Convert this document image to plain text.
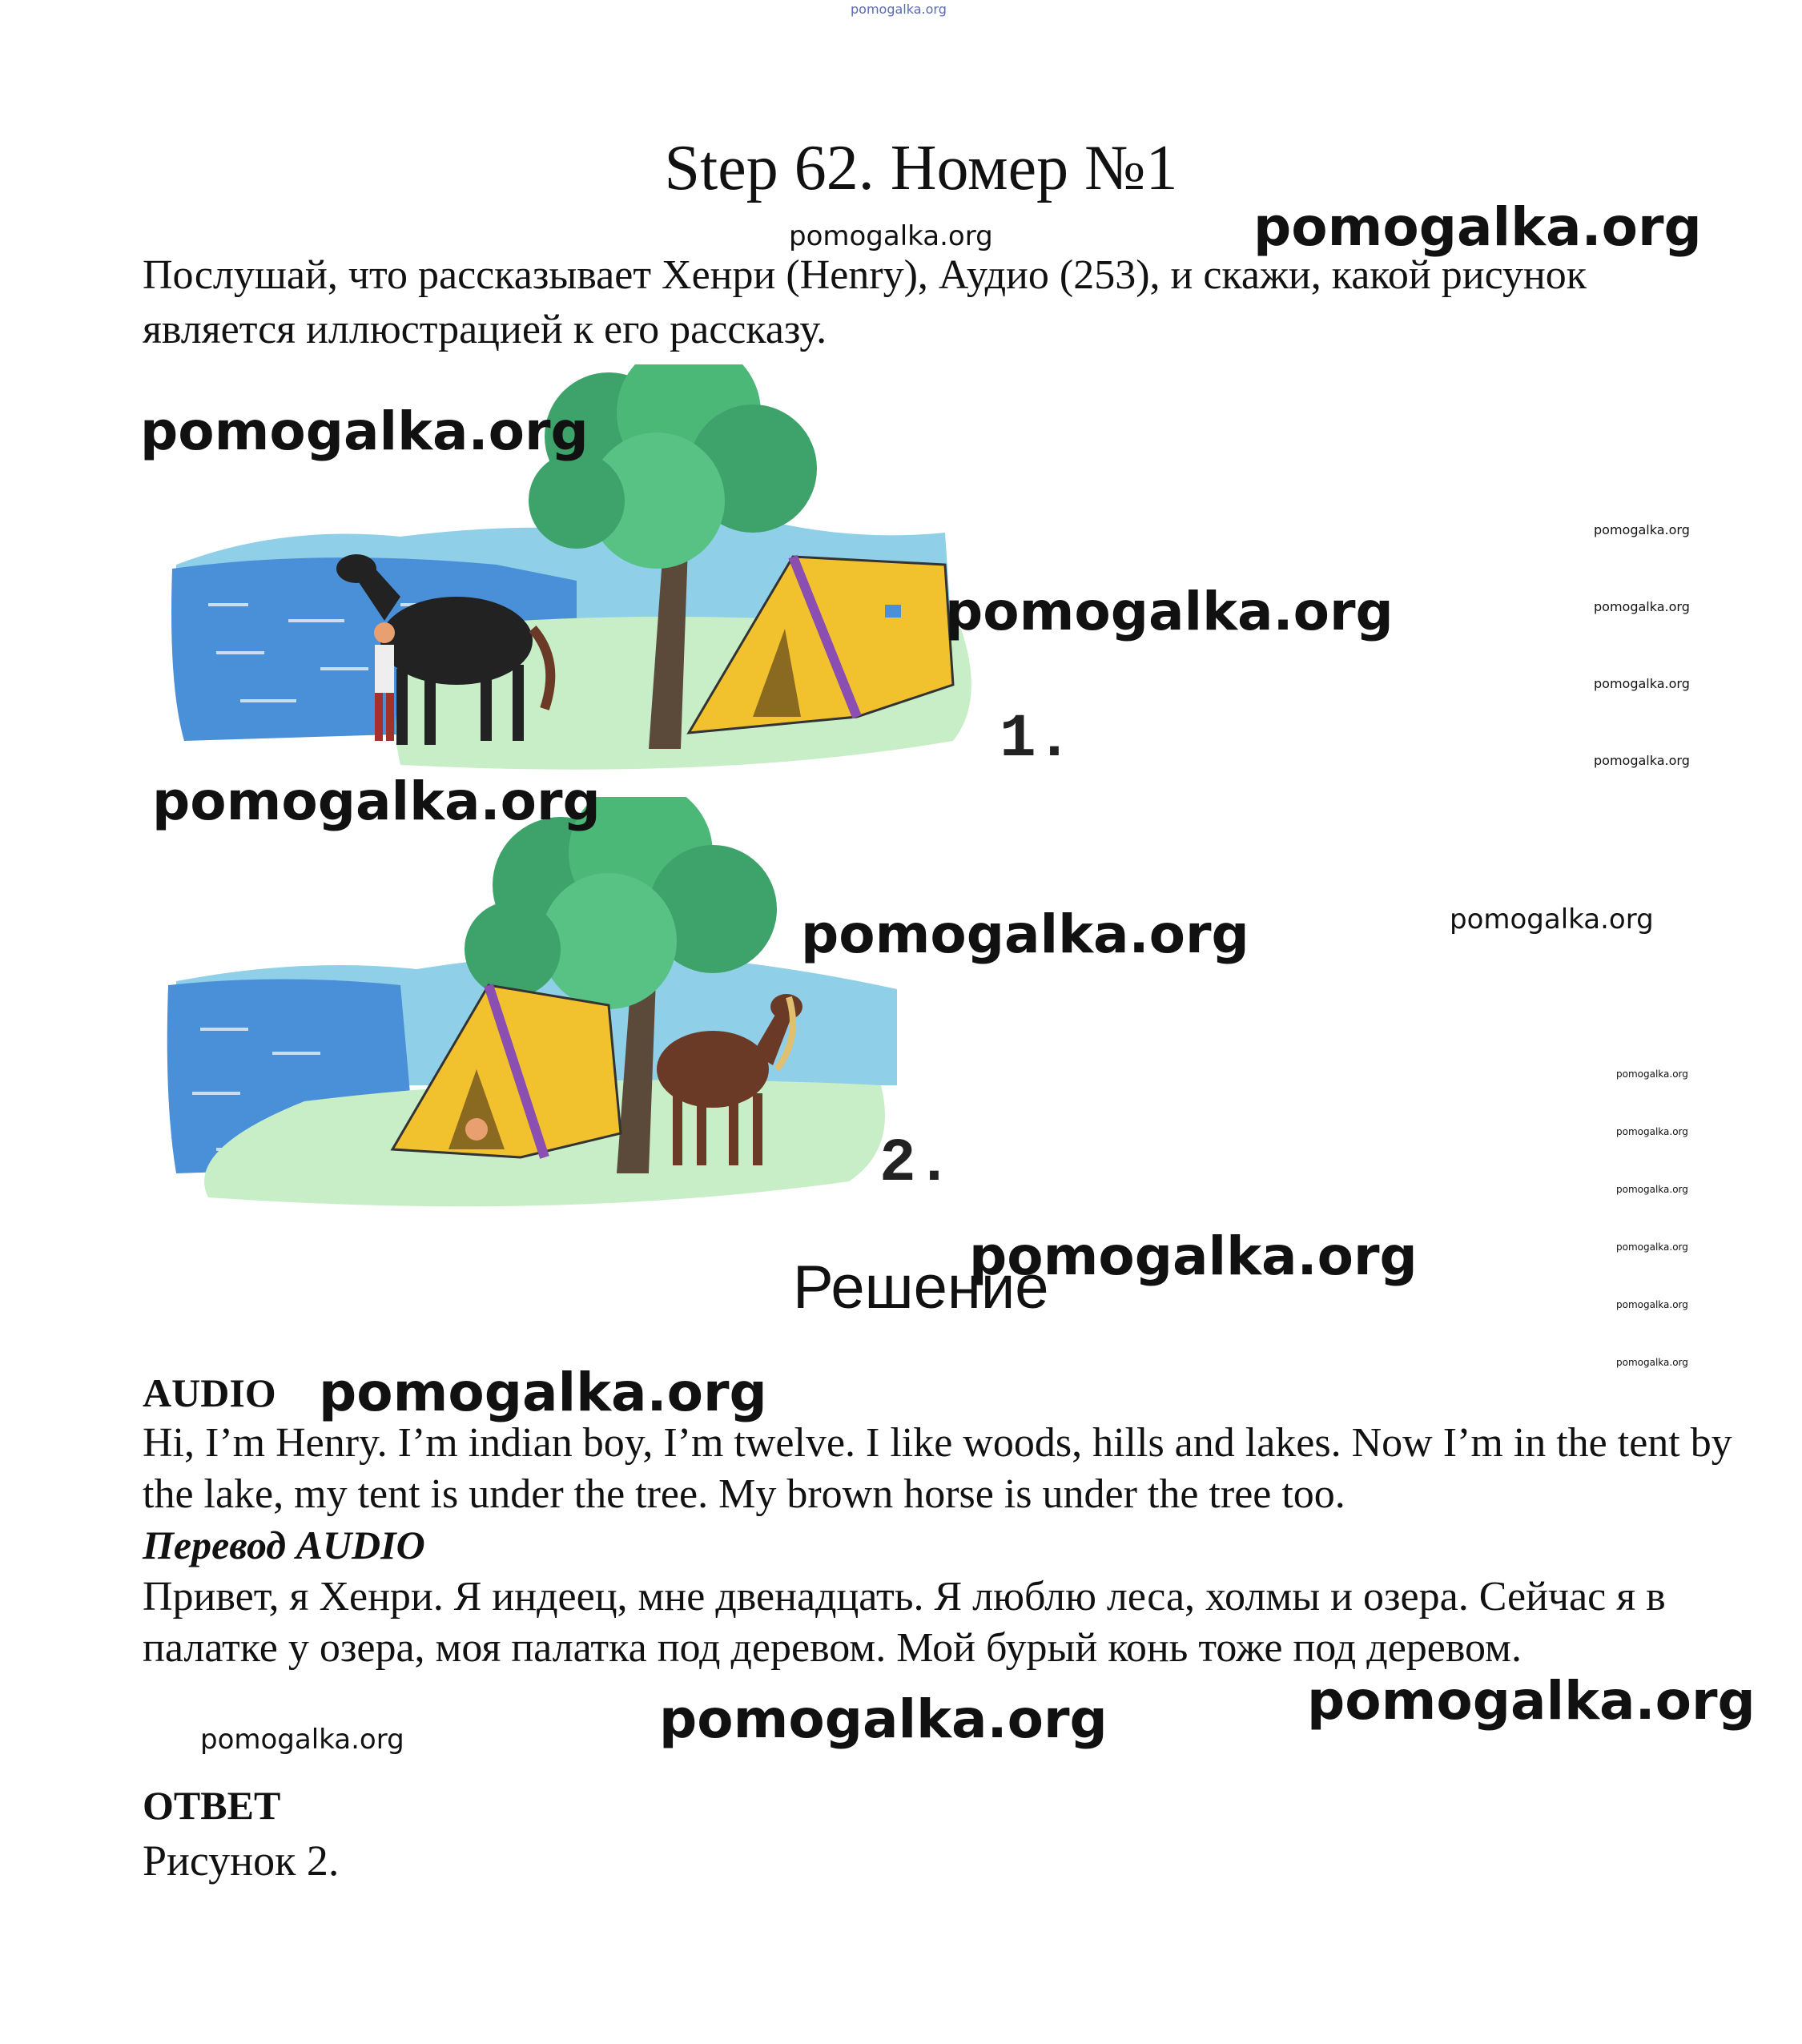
pomogalka.org
Step 62. Номер №1
Послушай, что рассказывает Хенри (Henry), Аудио (253), и скажи, какой рисунок является иллюстрацией к его рассказу.
1.
2.
Решение
AUDIO
Hi, I’m Henry. I’m indian boy, I’m twelve. I like woods, hills and lakes. Now I’m in the tent by the lake, my tent is under the tree. My brown horse is under the tree too.
Перевод AUDIO
Привет, я Хенри. Я индеец, мне двенадцать. Я люблю леса, холмы и озера. Сейчас я в палатке у озера, моя палатка под деревом. Мой бурый конь тоже под деревом.
ОТВЕТ
Рисунок 2.
pomogalka.org	pomogalka.org
pomogalka.org
pomogalka.org
pomogalka.org
pomogalka.org	pomogalka.org
pomogalka.org
pomogalka.org
pomogalka.org	pomogalka.org
pomogalka.org
pomogalka.org
pomogalka.org
pomogalka.org
pomogalka.org
pomogalka.org
pomogalka.org
pomogalka.org
pomogalka.org
pomogalka.org
pomogalka.org
